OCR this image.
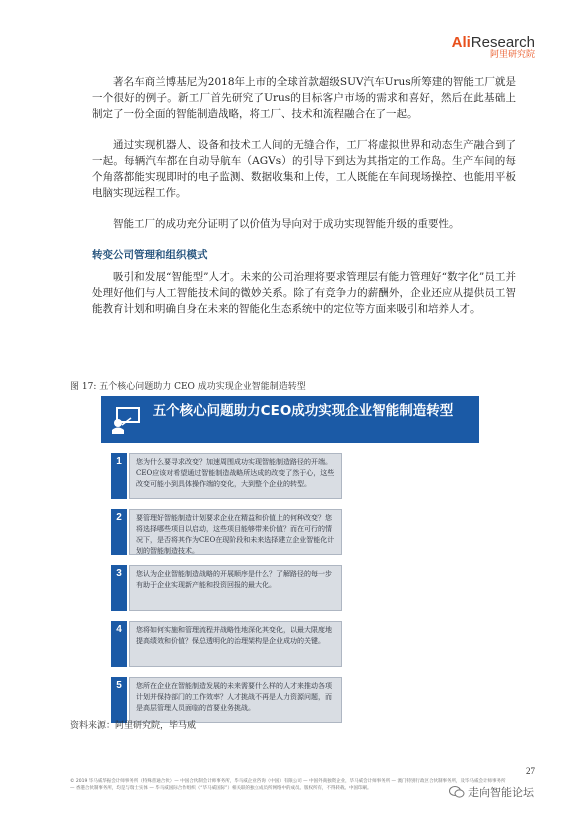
AliResearch
阿里研究院

著名车商兰博基尼为2018年上市的全球首款超级SUV汽车Urus所筹建的智能工厂就是一个很好的例子。新工厂首先研究了Urus的目标客户市场的需求和喜好，然后在此基础上制定了一份全面的智能制造战略，将工厂、技术和流程融合在了一起。

通过实现机器人、设备和技术工人间的无缝合作，工厂将虚拟世界和动态生产融合到了一起。每辆汽车都在自动导航车（AGVs）的引导下到达为其指定的工作岛。生产车间的每个角落都能实现即时的电子监测、数据收集和上传，工人既能在车间现场操控、也能用平板电脑实现远程工作。

智能工厂的成功充分证明了以价值为导向对于成功实现智能升级的重要性。

转变公司管理和组织模式

吸引和发展“智能型”人才。未来的公司治理将要求管理层有能力管理好“数字化”员工并处理好他们与人工智能技术间的微妙关系。除了有竞争力的薪酬外，企业还应从提供员工智能教育计划和明确自身在未来的智能化生态系统中的定位等方面来吸引和培养人才。

图 17: 五个核心问题助力 CEO 成功实现企业智能制造转型
五个核心问题助力CEO成功实现企业智能制造转型
1	您为什么要寻求改变？加速周围成功实现智能制造路径的开端。CEO应该对希望通过智能制造战略所达成的改变了然于心，这些改变可能小到具体操作端的变化，大到整个企业的转型。
2	要管理好智能制造计划要求企业在精益和价值上的何种改变？您将选择哪些项目以启动，这些项目能够带来价值？而在可行的情况下，是否将其作为CEO在现阶段和未来选择建立企业智能化计划的智能制造技术。
3	您认为企业智能制造战略的开展顺序是什么？了解路径的每一步有助于企业实现新产能和投资回报的最大化。
4	您将如何实施和管理流程并战略性地深化其变化，以最大限度地提高绩效和价值？保总透明化的治理架构是企业成功的关键。
5	您所在企业在智能制造发展的未来需要什么样的人才来推动各项计划并保持部门的工作效率？人才挑战不再是人力资源问题，而是高层管理人员面临的首要业务挑战。
资料来源：阿里研究院，毕马威
27
© 2019 毕马威华振会计师事务所（特殊普通合伙）— 中国合伙制会计师事务所，毕马威企业咨询（中国）有限公司 — 中国外商独资企业，毕马威会计师事务所 — 澳门特别行政区合伙制事务所，及毕马威会计师事务所 — 香港合伙制事务所，均是与瑞士实体 — 毕马威国际合作组织（“毕马威国际”）相关联的独立成员所网络中的成员。版权所有，不得转载。中国印刷。	走向智能论坛
